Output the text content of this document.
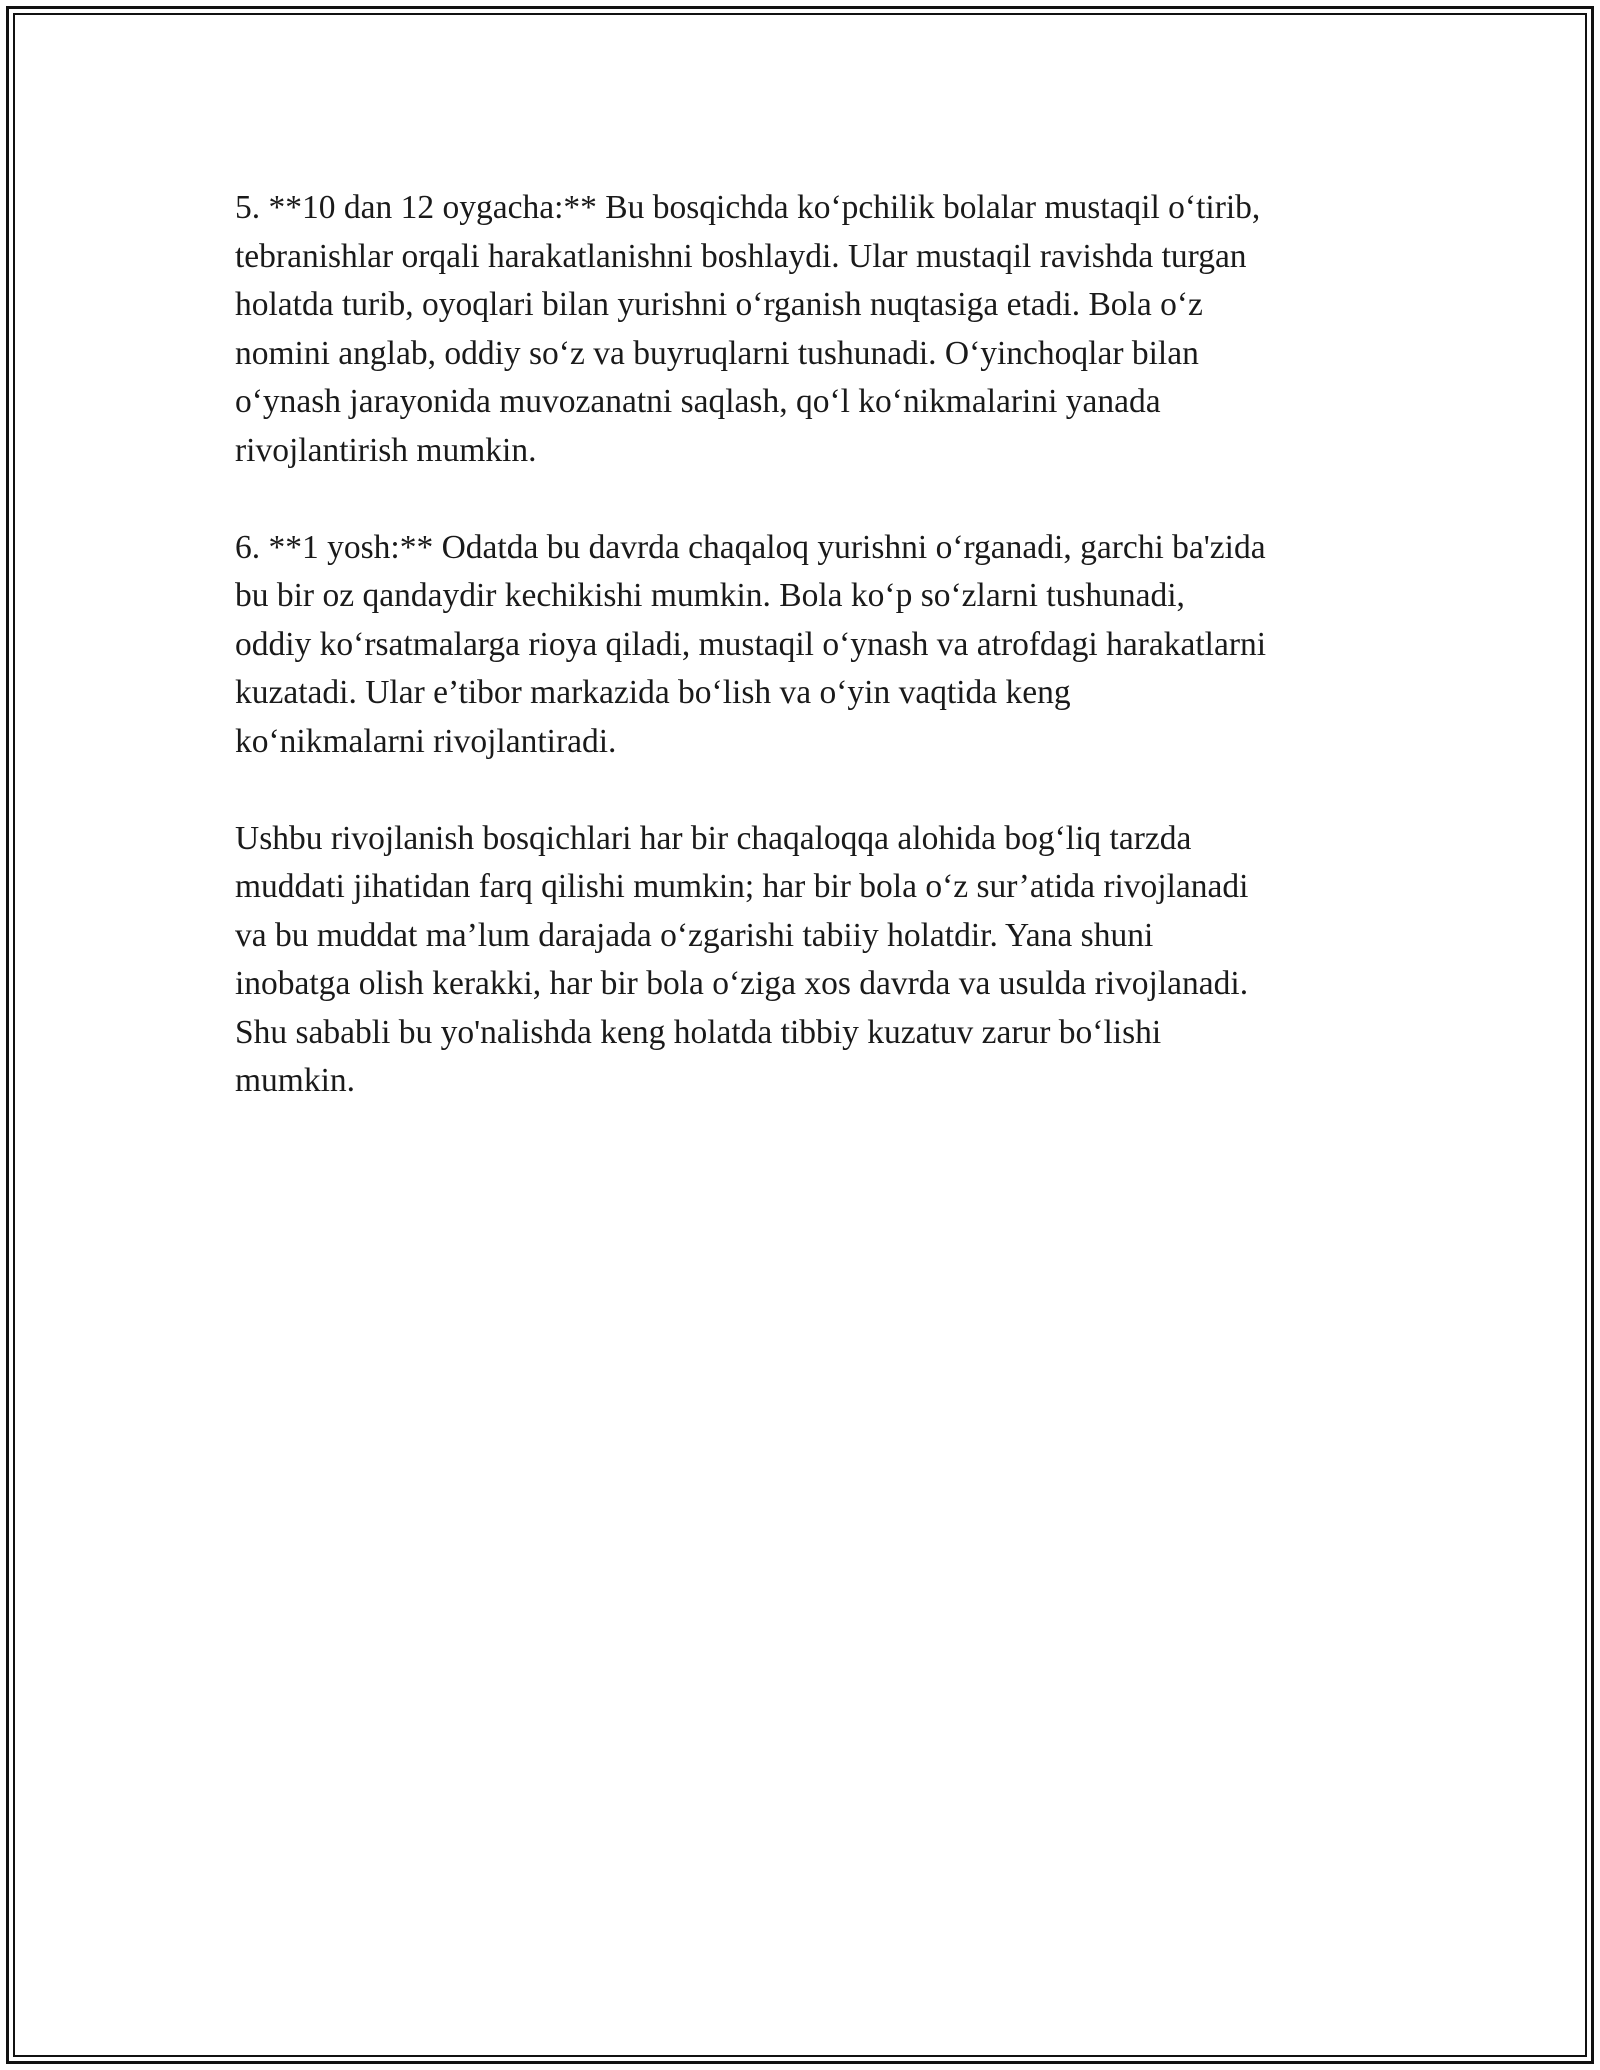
5. **10 dan 12 oygacha:** Bu bosqichda koʻpchilik bolalar mustaqil oʻtirib,
tebranishlar orqali harakatlanishni boshlaydi. Ular mustaqil ravishda turgan
holatda turib, oyoqlari bilan yurishni oʻrganish nuqtasiga etadi. Bola oʻz
nomini anglab, oddiy soʻz va buyruqlarni tushunadi. Oʻyinchoqlar bilan
oʻynash jarayonida muvozanatni saqlash, qoʻl koʻnikmalarini yanada
rivojlantirish mumkin.

6. **1 yosh:** Odatda bu davrda chaqaloq yurishni oʻrganadi, garchi ba'zida
bu bir oz qandaydir kechikishi mumkin. Bola koʻp soʻzlarni tushunadi,
oddiy koʻrsatmalarga rioya qiladi, mustaqil oʻynash va atrofdagi harakatlarni
kuzatadi. Ular e’tibor markazida boʻlish va oʻyin vaqtida keng
koʻnikmalarni rivojlantiradi.

Ushbu rivojlanish bosqichlari har bir chaqaloqqa alohida bogʻliq tarzda
muddati jihatidan farq qilishi mumkin; har bir bola oʻz sur’atida rivojlanadi
va bu muddat ma’lum darajada oʻzgarishi tabiiy holatdir. Yana shuni
inobatga olish kerakki, har bir bola oʻziga xos davrda va usulda rivojlanadi.
Shu sababli bu yo'nalishda keng holatda tibbiy kuzatuv zarur boʻlishi
mumkin.
